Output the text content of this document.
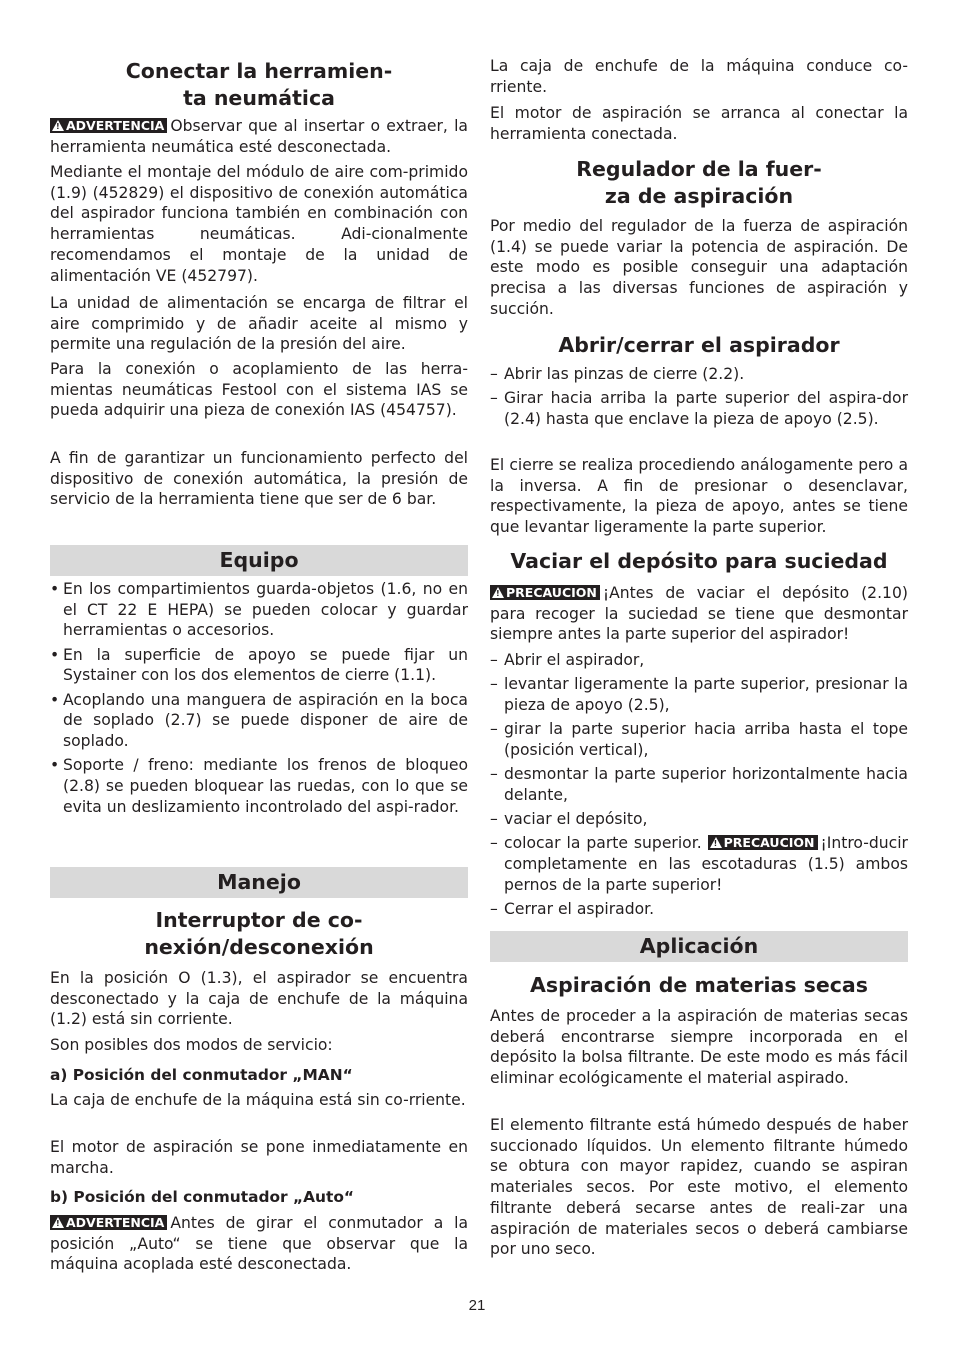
Conectar la herramien-
ta neumática

! ADVERTENCIA Observar que al insertar o extraer, la herramienta neumática esté desconectada.

Mediante el montaje del módulo de aire com-primido (1.9) (452829) el dispositivo de conexión automática del aspirador funciona también en combinación con herramientas neumáticas. Adi-cionalmente recomendamos el montaje de la unidad de alimentación VE (452797).

La unidad de alimentación se encarga de filtrar el aire comprimido y de añadir aceite al mismo y permite una regulación de la presión del aire.

Para la conexión o acoplamiento de las herra-mientas neumáticas Festool con el sistema IAS se pueda adquirir una pieza de conexión IAS (454757).

A fin de garantizar un funcionamiento perfecto del dispositivo de conexión automática, la presión de servicio de la herramienta tiene que ser de 6 bar.

Equipo
• En los compartimientos guarda-objetos (1.6, no en el CT 22 E HEPA) se pueden colocar y guardar herramientas o accesorios.
• En la superficie de apoyo se puede fijar un Systainer con los dos elementos de cierre (1.1).
• Acoplando una manguera de aspiración en la boca de soplado (2.7) se puede disponer de aire de soplado.
• Soporte / freno: mediante los frenos de bloqueo (2.8) se pueden bloquear las ruedas, con lo que se evita un deslizamiento incontrolado del aspi-rador.
Manejo
Interruptor de co-
nexión/desconexión

En la posición O (1.3), el aspirador se encuentra desconectado y la caja de enchufe de la máquina (1.2) está sin corriente.

Son posibles dos modos de servicio:

a) Posición del conmutador „MAN“

La caja de enchufe de la máquina está sin co-rriente.

El motor de aspiración se pone inmediatamente en marcha.

b) Posición del conmutador „Auto“

! ADVERTENCIA Antes de girar el conmutador a la posición „Auto“ se tiene que observar que la máquina acoplada esté desconectada.

La caja de enchufe de la máquina conduce co-rriente.

El motor de aspiración se arranca al conectar la herramienta conectada.

Regulador de la fuer-
za de aspiración

Por medio del regulador de la fuerza de aspiración (1.4) se puede variar la potencia de aspiración. De este modo es posible conseguir una adaptación precisa a las diversas funciones de aspiración y succión.

Abrir/cerrar el aspirador
– Abrir las pinzas de cierre (2.2).
– Girar hacia arriba la parte superior del aspira-dor (2.4) hasta que enclave la pieza de apoyo (2.5).

El cierre se realiza procediendo análogamente pero a la inversa. A fin de presionar o desenclavar, respectivamente, la pieza de apoyo, antes se tiene que levantar ligeramente la parte superior.

Vaciar el depósito para suciedad

! PRECAUCION ¡Antes de vaciar el depósito (2.10) para recoger la suciedad se tiene que desmontar siempre antes la parte superior del aspirador!

– Abrir el aspirador,
– levantar ligeramente la parte superior, presionar la pieza de apoyo (2.5),
– girar la parte superior hacia arriba hasta el tope (posición vertical),
– desmontar la parte superior horizontalmente hacia delante,
– vaciar el depósito,
– colocar la parte superior. ! PRECAUCION ¡Intro-ducir completamente en las escotaduras (1.5) ambos pernos de la parte superior!
– Cerrar el aspirador.
Aplicación
Aspiración de materias secas

Antes de proceder a la aspiración de materias secas deberá encontrarse siempre incorporada en el depósito la bolsa filtrante. De este modo es más fácil eliminar ecológicamente el material aspirado.

El elemento filtrante está húmedo después de haber succionado líquidos. Un elemento filtrante húmedo se obtura con mayor rapidez, cuando se aspiran materiales secos. Por este motivo, el elemento filtrante deberá secarse antes de reali-zar una aspiración de materiales secos o deberá cambiarse por uno seco.

21
